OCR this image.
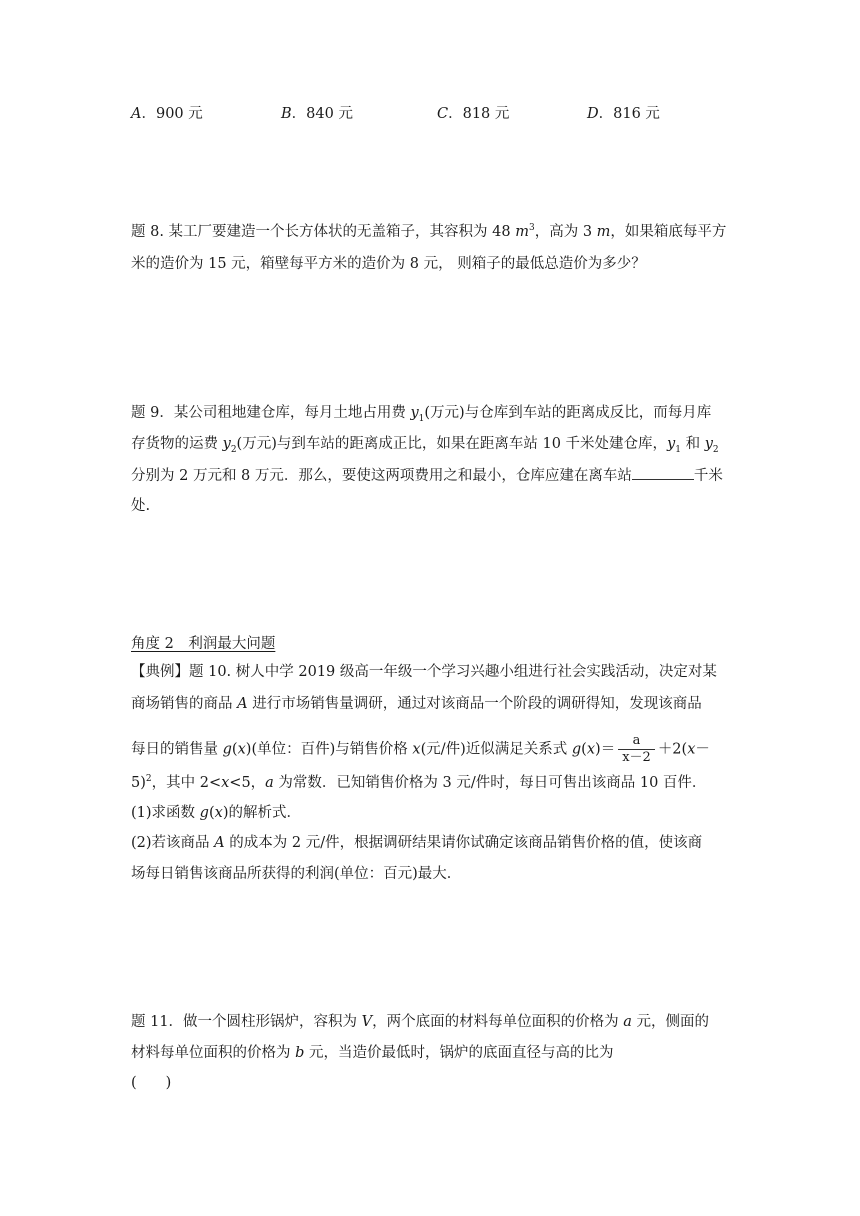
A．900 元	B．840 元	C．818 元	D．816 元
题 8. 某工厂要建造一个长方体状的无盖箱子，其容积为 48 $m^3$，高为 3 m，如果箱底每平方
米的造价为 15 元，箱壁每平方米的造价为 8 元， 则箱子的最低总造价为多少？
题 9．某公司租地建仓库，每月土地占用费 $y_1$(万元)与仓库到车站的距离成反比，而每月库
存货物的运费 $y_2$(万元)与到车站的距离成正比，如果在距离车站 10 千米处建仓库，$y_1$ 和 $y_2$
分别为 2 万元和 8 万元．那么，要使这两项费用之和最小，仓库应建在离车站	千米
处.
角度 2　利润最大问题
【典例】题 10. 树人中学 2019 级高一年级一个学习兴趣小组进行社会实践活动，决定对某
商场销售的商品 A 进行市场销售量调研，通过对该商品一个阶段的调研得知，发现该商品
每日的销售量 g(x)(单位：百件)与销售价格 x(元/件)近似满足关系式 $g(x)= \frac{a}{x-2} +2(x-$
5)$^2$，其中 2<x<5，a 为常数．已知销售价格为 3 元/件时，每日可售出该商品 10 百件．
(1)求函数 g(x)的解析式．
(2)若该商品 A 的成本为 2 元/件，根据调研结果请你试确定该商品销售价格的值，使该商
场每日销售该商品所获得的利润(单位：百元)最大．
题 11．做一个圆柱形锅炉，容积为 V，两个底面的材料每单位面积的价格为 a 元，侧面的
材料每单位面积的价格为 b 元，当造价最低时，锅炉的底面直径与高的比为
(　　)
